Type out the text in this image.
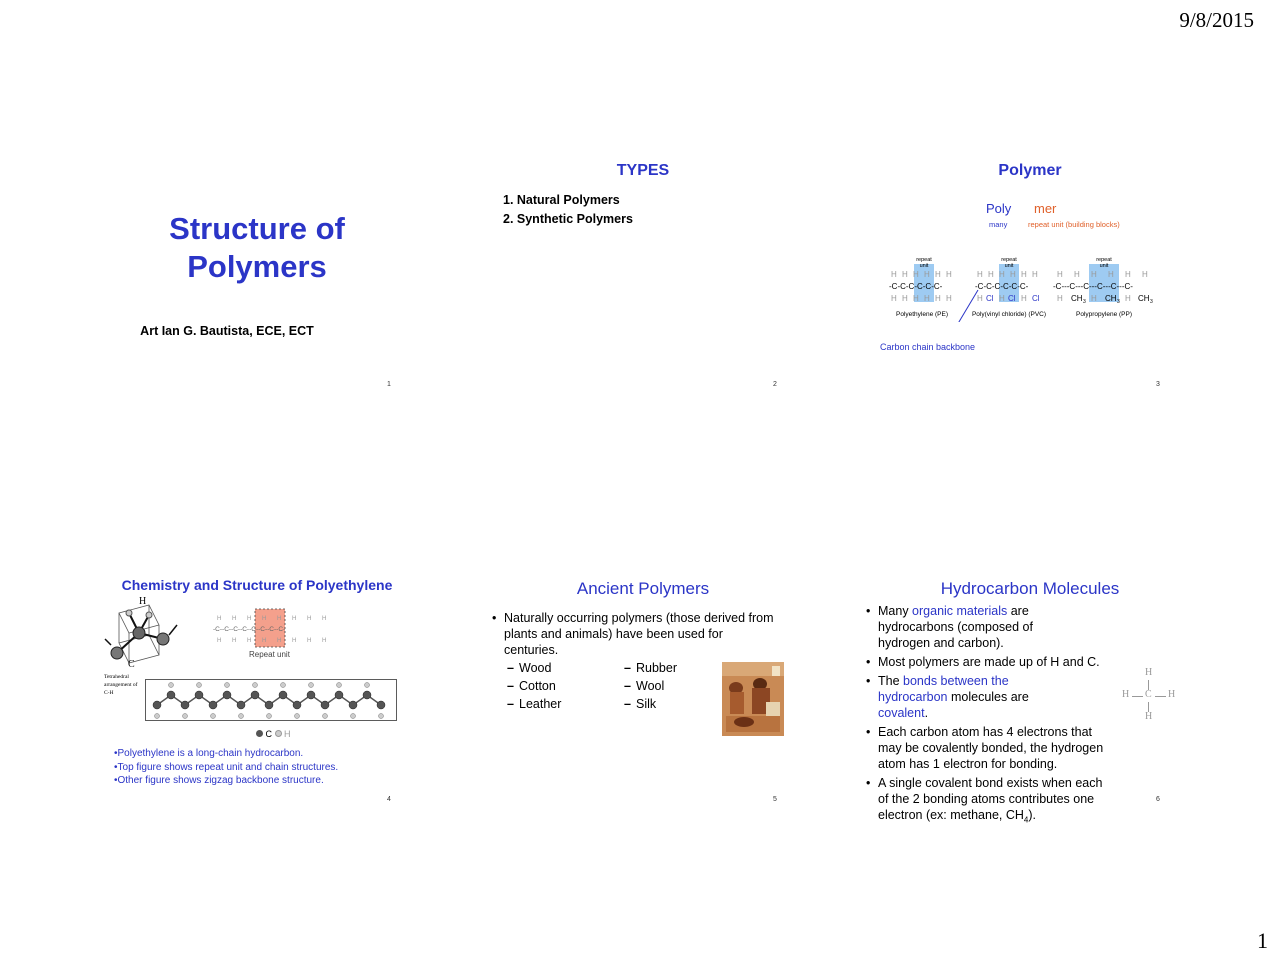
9/8/2015
1
Structure of
Polymers
Art Ian G. Bautista, ECE, ECT
1
TYPES
1. Natural Polymers
2. Synthetic Polymers
2
Polymer
Poly mer
many	repeat unit (building blocks)
repeat
unit
repeat
unit
repeat
unit
H H H H H H
H H H H H H
-C-C-C-C-C-C-
H H H H H H
H H H
Cl Cl Cl
-C-C-C-C-C-C-
H H H H H H
H	H	H
CH 3 CH 3 CH 3
-C---C---C---C---C---C-
Polyethylene (PE)	Poly(vinyl chloride) (PVC)	Polypropylene (PP)
Carbon chain backbone
3
Chemistry and Structure of Polyethylene
H
C
Tetrahedral arrangement of C-H
H H H H H H H H
H H H H H H H H
-C--C--C--C--C--C--C--C-
Repeat unit
C H
•Polyethylene is a long-chain hydrocarbon.
•Top figure shows repeat unit and chain structures.
•Other figure shows zigzag backbone structure.
4
Ancient Polymers
• Naturally occurring polymers (those derived from plants and animals) have been used for centuries.
– Wood
– Cotton
– Leather
– Rubber
– Wool
– Silk
5
Hydrocarbon Molecules
• Many organic materials are hydrocarbons (composed of hydrogen and carbon).
• Most polymers are made up of H and C.
• The bonds between the hydrocarbon molecules are covalent.
• Each carbon atom has 4 electrons that may be covalently bonded, the hydrogen atom has 1 electron for bonding.
• A single covalent bond exists when each of the 2 bonding atoms contributes one electron (ex: methane, $CH_4$).
H
H C H
H
6
